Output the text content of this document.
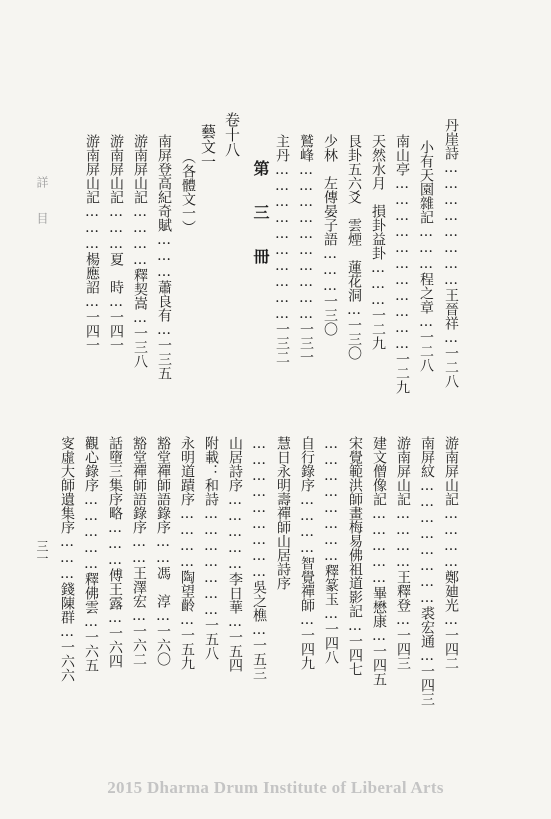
丹崖詩……………………王晉祥…一二八
小有天園雜記………程之章…一二八
南山亭……………………………一二九
天然水月　損卦益卦………一二九
艮卦五六爻　雲煙　蓮花洞…一三〇
少林　左傳晏子語………一三〇
鷲峰…………………………一三一
主丹…………………………一三二
第　三　冊
卷十八
藝文一
（各體文一）
南屏登高紀奇賦………蕭良有…一三五
游南屏山記…………釋契嵩…一三八
游南屏山記………夏　時…一四一
游南屏山記………楊應詔…一四一
游南屏山記…………鄭廸光…一四二
南屏紋……………………裘宏通…一四三
游南屏山記…………王釋登…一四三
建文僧像記……………畢懋康…一四五
宋覺範洪師畫梅易佛祖道影記…一四七
……………………釋篆玉…一四八
自行錄序…………智覺禪師…一四九
慧日永明壽禪師山居詩序
………………………吳之樵…一五三
山居詩序……………李日華…一五四
附載：和詩…………………一五八
永明道蹟序…………陶望齡…一五九
豁堂禪師語錄序……馮　淳…一六〇
豁堂禪師語錄序……王澤宏…一六二
話墮三集序略………傅王露…一六四
觀心錄序……………釋佛雲…一六五
叜虛大師遺集序………錢陳群…一六六
詳　目
三一
2015 Dharma Drum Institute of Liberal Arts
